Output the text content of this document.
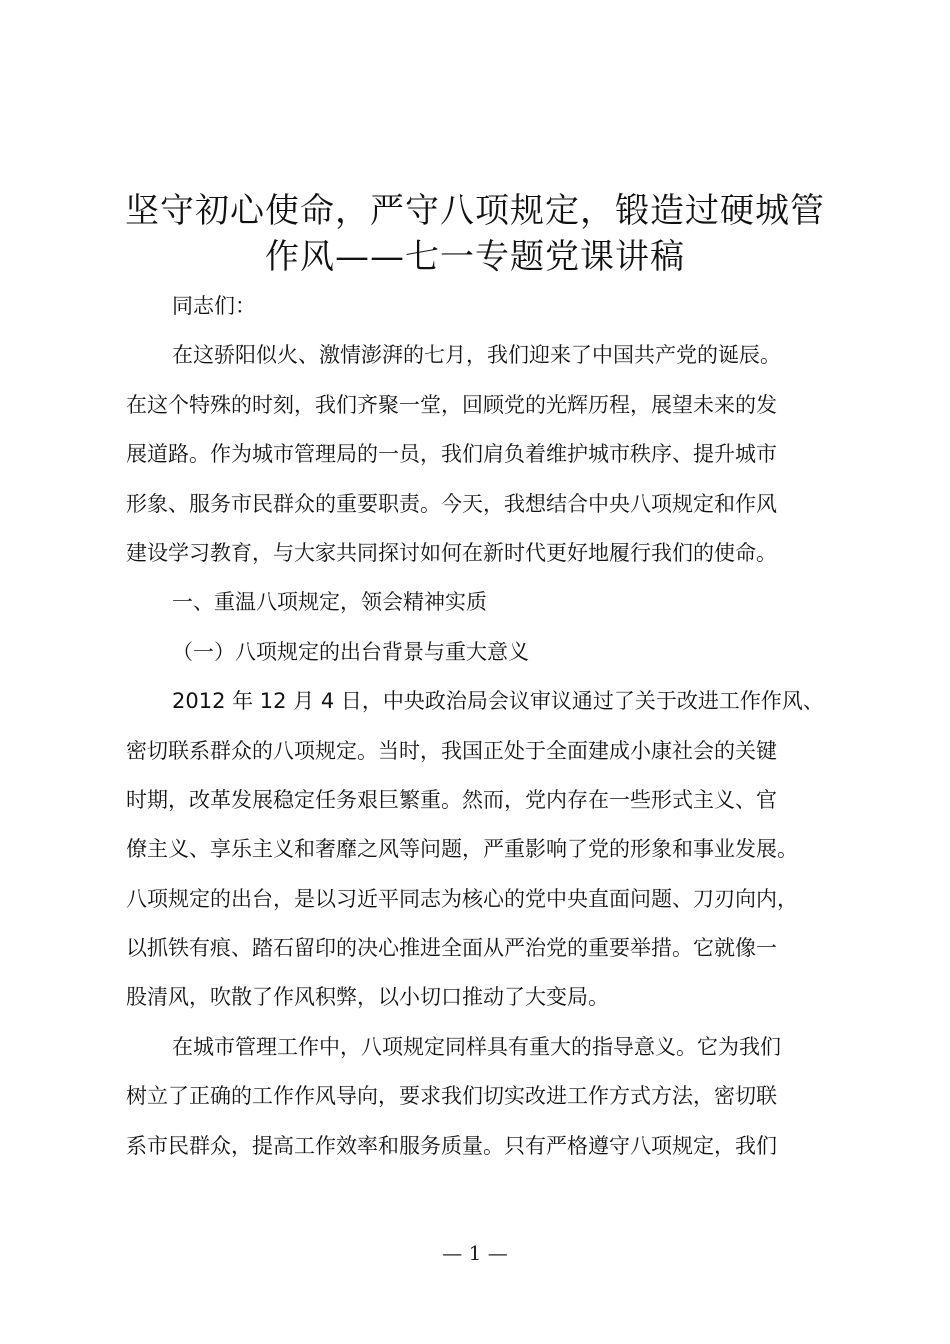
坚守初心使命，严守八项规定，锻造过硬城管
作风——七一专题党课讲稿
同志们：
在这骄阳似火、激情澎湃的七月，我们迎来了中国共产党的诞辰。
在这个特殊的时刻，我们齐聚一堂，回顾党的光辉历程，展望未来的发
展道路。作为城市管理局的一员，我们肩负着维护城市秩序、提升城市
形象、服务市民群众的重要职责。今天，我想结合中央八项规定和作风
建设学习教育，与大家共同探讨如何在新时代更好地履行我们的使命。
一、重温八项规定，领会精神实质
（一）八项规定的出台背景与重大意义
2012 年 12 月 4 日，中央政治局会议审议通过了关于改进工作作风、
密切联系群众的八项规定。当时，我国正处于全面建成小康社会的关键
时期，改革发展稳定任务艰巨繁重。然而，党内存在一些形式主义、官
僚主义、享乐主义和奢靡之风等问题，严重影响了党的形象和事业发展。
八项规定的出台，是以习近平同志为核心的党中央直面问题、刀刃向内，
以抓铁有痕、踏石留印的决心推进全面从严治党的重要举措。它就像一
股清风，吹散了作风积弊，以小切口推动了大变局。
在城市管理工作中，八项规定同样具有重大的指导意义。它为我们
树立了正确的工作作风导向，要求我们切实改进工作方式方法，密切联
系市民群众，提高工作效率和服务质量。只有严格遵守八项规定，我们
— 1 —
